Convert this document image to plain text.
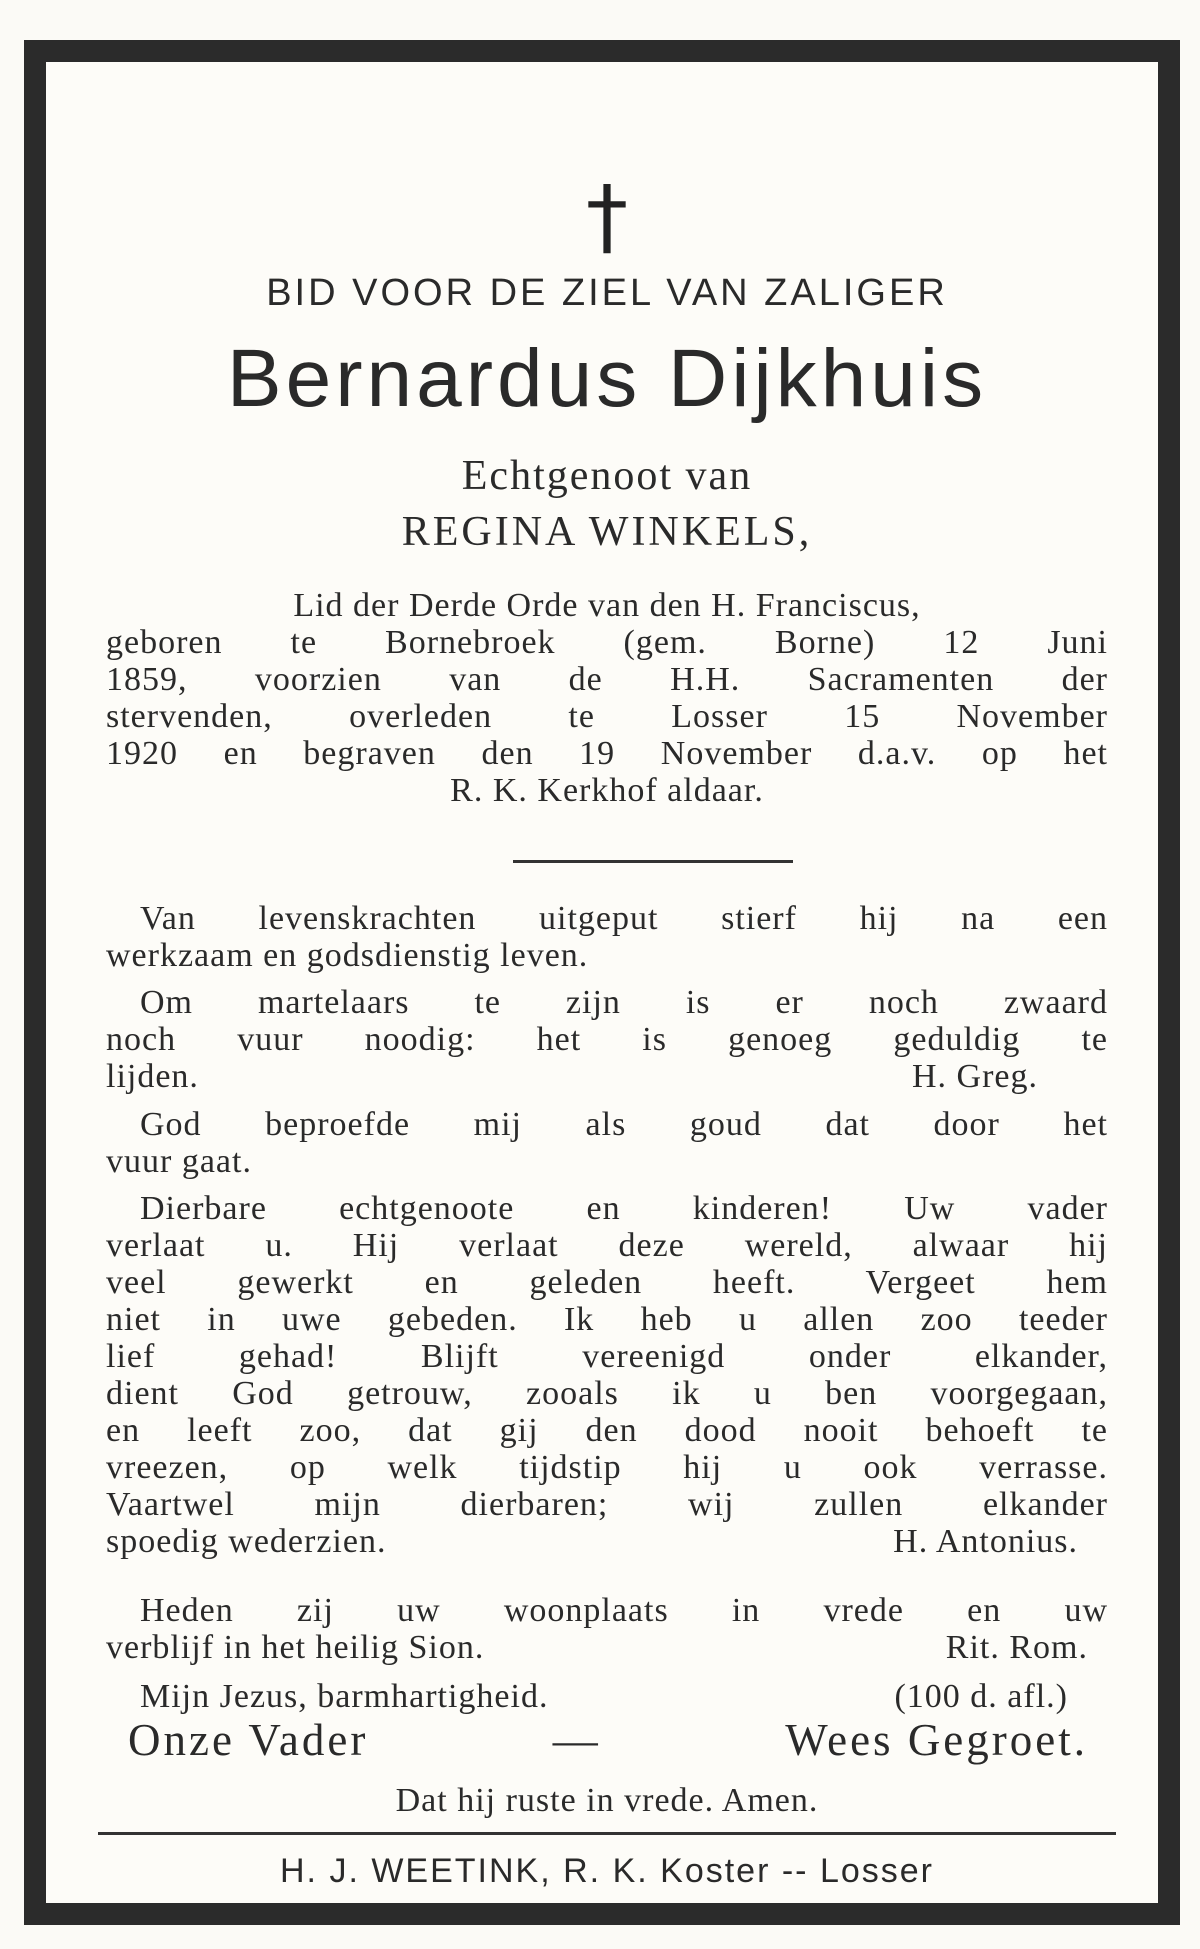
†
BID VOOR DE ZIEL VAN ZALIGER
Bernardus Dijkhuis
Echtgenoot van
REGINA WINKELS,
Lid der Derde Orde van den H. Franciscus,
geboren te Bornebroek (gem. Borne) 12 Juni
1859, voorzien van de H.H. Sacramenten der
stervenden, overleden te Losser 15 November
1920 en begraven den 19 November d.a.v. op het
R. K. Kerkhof aldaar.
Van levenskrachten uitgeput stierf hij na een
werkzaam en godsdienstig leven.
Om martelaars te zijn is er noch zwaard
noch vuur noodig: het is genoeg geduldig te
lijden.	H. Greg.
God beproefde mij als goud dat door het
vuur gaat.
Dierbare echtgenoote en kinderen! Uw vader
verlaat u. Hij verlaat deze wereld, alwaar hij
veel gewerkt en geleden heeft. Vergeet hem
niet in uwe gebeden. Ik heb u allen zoo teeder
lief gehad! Blijft vereenigd onder elkander,
dient God getrouw, zooals ik u ben voorgegaan,
en leeft zoo, dat gij den dood nooit behoeft te
vreezen, op welk tijdstip hij u ook verrasse.
Vaartwel mijn dierbaren; wij zullen elkander
spoedig wederzien.	H. Antonius.
Heden zij uw woonplaats in vrede en uw
verblijf in het heilig Sion.	Rit. Rom.
Mijn Jezus, barmhartigheid.	(100 d. afl.)
Onze Vader	—	Wees Gegroet.
Dat hij ruste in vrede. Amen.
H. J. WEETINK, R. K. Koster -- Losser
